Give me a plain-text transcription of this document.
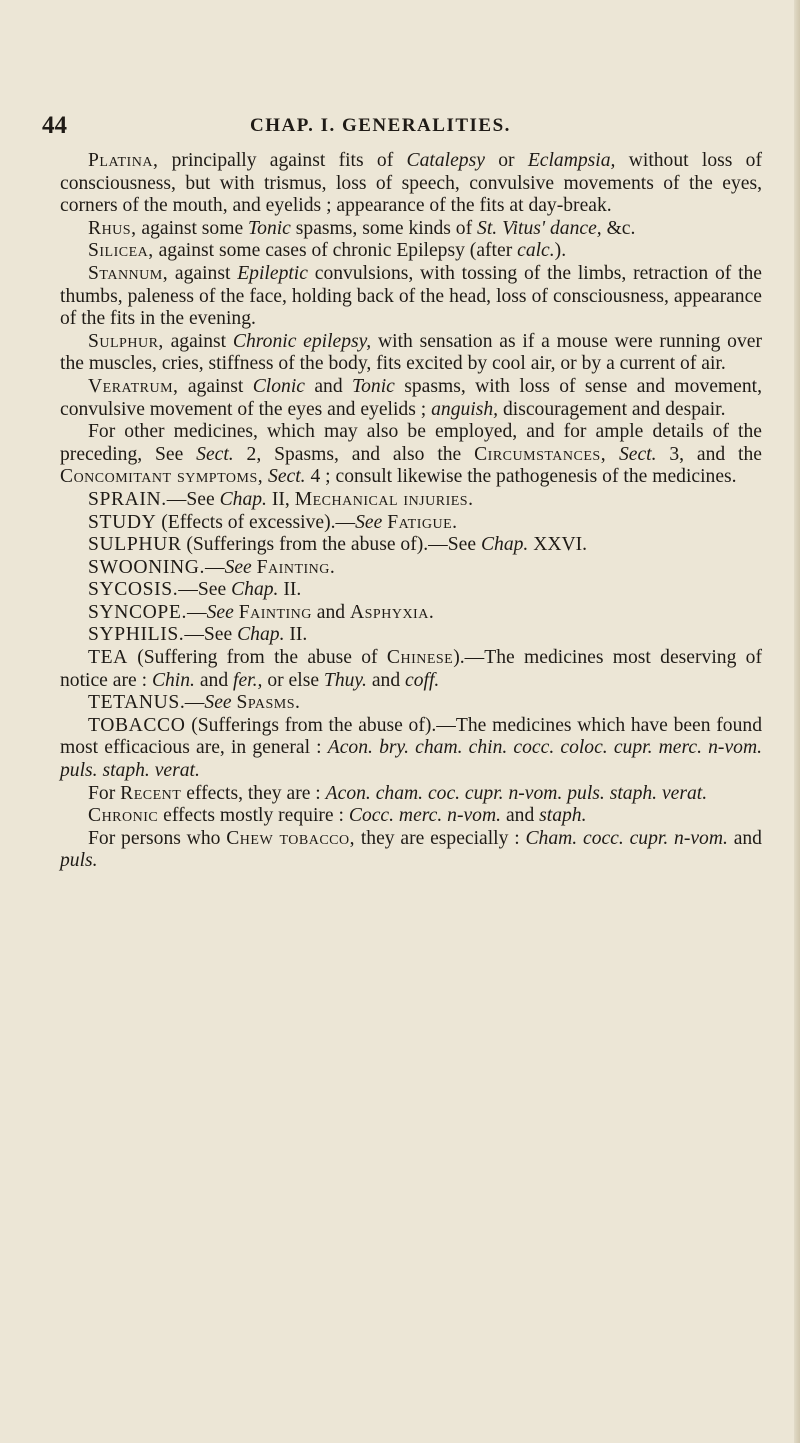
44	CHAP. I. GENERALITIES.

Platina, principally against fits of Catalepsy or Eclampsia, without loss of consciousness, but with trismus, loss of speech, convulsive movements of the eyes, corners of the mouth, and eyelids ; appearance of the fits at day-break.

Rhus, against some Tonic spasms, some kinds of St. Vitus' dance, &c.

Silicea, against some cases of chronic Epilepsy (after calc.).

Stannum, against Epileptic convulsions, with tossing of the limbs, retraction of the thumbs, paleness of the face, holding back of the head, loss of consciousness, appearance of the fits in the evening.

Sulphur, against Chronic epilepsy, with sensation as if a mouse were running over the muscles, cries, stiffness of the body, fits excited by cool air, or by a current of air.

Veratrum, against Clonic and Tonic spasms, with loss of sense and movement, convulsive movement of the eyes and eyelids ; anguish, discouragement and despair.

For other medicines, which may also be employed, and for ample details of the preceding, See Sect. 2, Spasms, and also the Circumstances, Sect. 3, and the Concomitant symptoms, Sect. 4 ; consult likewise the pathogenesis of the medicines.

SPRAIN.—See Chap. II, Mechanical injuries.

STUDY (Effects of excessive).—See Fatigue.

SULPHUR (Sufferings from the abuse of).—See Chap. XXVI.

SWOONING.—See Fainting.

SYCOSIS.—See Chap. II.

SYNCOPE.—See Fainting and Asphyxia.

SYPHILIS.—See Chap. II.

TEA (Suffering from the abuse of Chinese).—The medicines most deserving of notice are : Chin. and fer., or else Thuy. and coff.

TETANUS.—See Spasms.

TOBACCO (Sufferings from the abuse of).—The medicines which have been found most efficacious are, in general : Acon. bry. cham. chin. cocc. coloc. cupr. merc. n-vom. puls. staph. verat.

For Recent effects, they are : Acon. cham. coc. cupr. n-vom. puls. staph. verat.

Chronic effects mostly require : Cocc. merc. n-vom. and staph.

For persons who Chew tobacco, they are especially : Cham. cocc. cupr. n-vom. and puls.
